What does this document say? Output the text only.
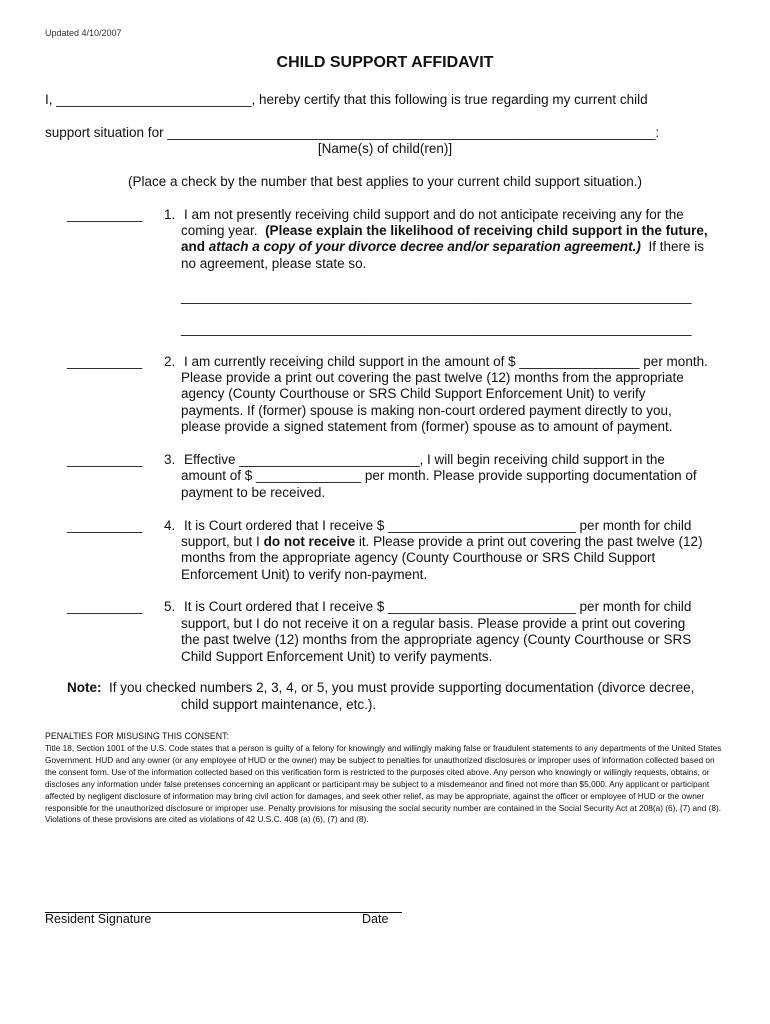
Updated 4/10/2007
CHILD SUPPORT AFFIDAVIT
I, __________________________, hereby certify that this following is true regarding my current child
support situation for _________________________________________________________________:
[Name(s) of child(ren)]
(Place a check by the number that best applies to your current child support situation.)
__________ 1. I am not presently receiving child support and do not anticipate receiving any for the
coming year. (Please explain the likelihood of receiving child support in the future,
and attach a copy of your divorce decree and/or separation agreement.) If there is
no agreement, please state so.
____________________________________________________________________
____________________________________________________________________
__________ 2. I am currently receiving child support in the amount of $ ________________ per month.
Please provide a print out covering the past twelve (12) months from the appropriate
agency (County Courthouse or SRS Child Support Enforcement Unit) to verify
payments. If (former) spouse is making non-court ordered payment directly to you,
please provide a signed statement from (former) spouse as to amount of payment.
__________ 3. Effective ________________________, I will begin receiving child support in the
amount of $ ______________ per month. Please provide supporting documentation of
payment to be received.
__________ 4. It is Court ordered that I receive $ _________________________ per month for child
support, but I do not receive it. Please provide a print out covering the past twelve (12)
months from the appropriate agency (County Courthouse or SRS Child Support
Enforcement Unit) to verify non-payment.
__________ 5. It is Court ordered that I receive $ _________________________ per month for child
support, but I do not receive it on a regular basis. Please provide a print out covering
the past twelve (12) months from the appropriate agency (County Courthouse or SRS
Child Support Enforcement Unit) to verify payments.
Note: If you checked numbers 2, 3, 4, or 5, you must provide supporting documentation (divorce decree,
child support maintenance, etc.).
PENALTIES FOR MISUSING THIS CONSENT:
Title 18, Section 1001 of the U.S. Code states that a person is guilty of a felony for knowingly and willingly making false or fraudulent statements to any departments of the United States Government. HUD and any owner (or any employee of HUD or the owner) may be subject to penalties for unauthorized disclosures or improper uses of information collected based on the consent form. Use of the information collected based on this verification form is restricted to the purposes cited above. Any person who knowingly or willingly requests, obtains, or discloses any information under false pretenses concerning an applicant or participant may be subject to a misdemeanor and fined not more than $5,000. Any applicant or participant affected by negligent disclosure of information may bring civil action for damages, and seek other relief, as may be appropriate, against the officer or employee of HUD or the owner responsible for the unauthorized disclosure or improper use. Penalty provisions for misusing the social security number are contained in the Social Security Act at 208(a) (6), (7) and (8). Violations of these provisions are cited as violations of 42 U.S.C. 408 (a) (6), (7) and (8).
Resident Signature	Date
